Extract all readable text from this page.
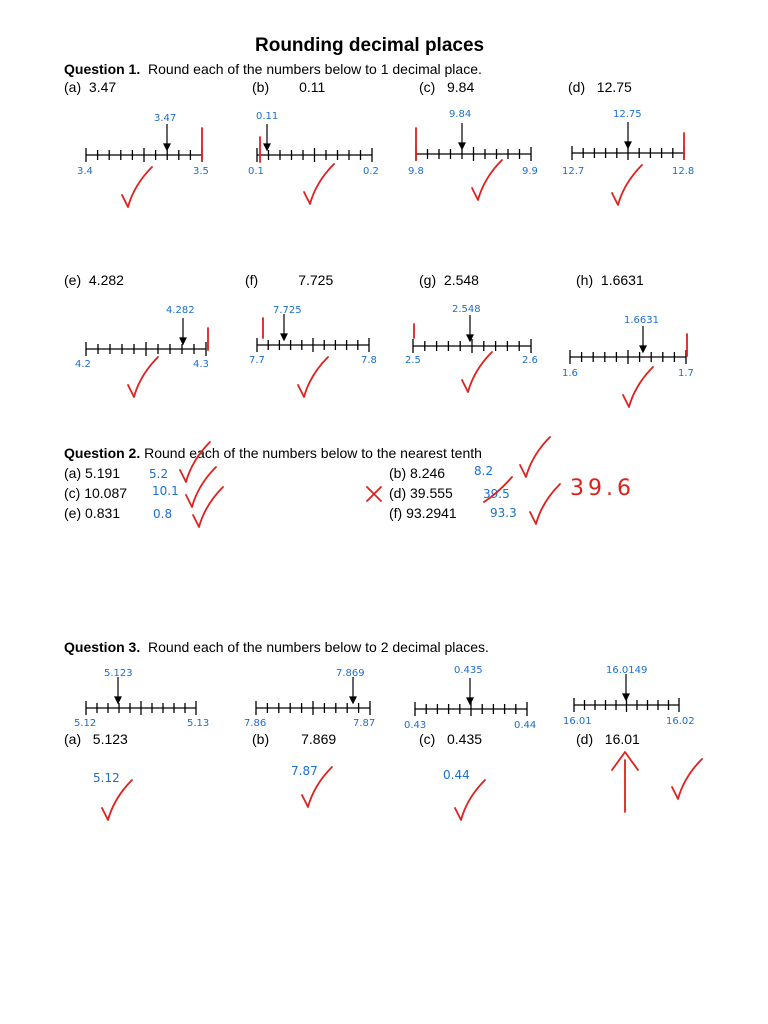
Rounding decimal places
Question 1. Round each of the numbers below to 1 decimal place.
(a) 3.47	(b) 0.11	(c) 9.84	(d) 12.75
3.47
3.4	3.5
0.11
0.1	0.2
9.84
9.8	9.9
12.75
12.7	12.8
(e) 4.282	(f)	7.725	(g) 2.548	(h) 1.6631
4.282
4.2	4.3
7.725
7.7	7.8
2.548
2.5	2.6
1.6631
1.6	1.7
Question 2. Round each of the numbers below to the nearest tenth
(a) 5.191 5.2	(b) 8.246 8.2
(c) 10.087 10.1	(d) 39.555	39.5	39.6
(e) 0.831	0.8	(f) 93.2941	93.3
Question 3. Round each of the numbers below to 2 decimal places.
5.123
5.12	5.13
7.869
7.86	7.87
0.435
0.43	0.44
16.0149
16.01	16.02
(a) 5.123	(b) 7.869	(c) 0.435	(d) 16.01
5.12	7.87	0.44
